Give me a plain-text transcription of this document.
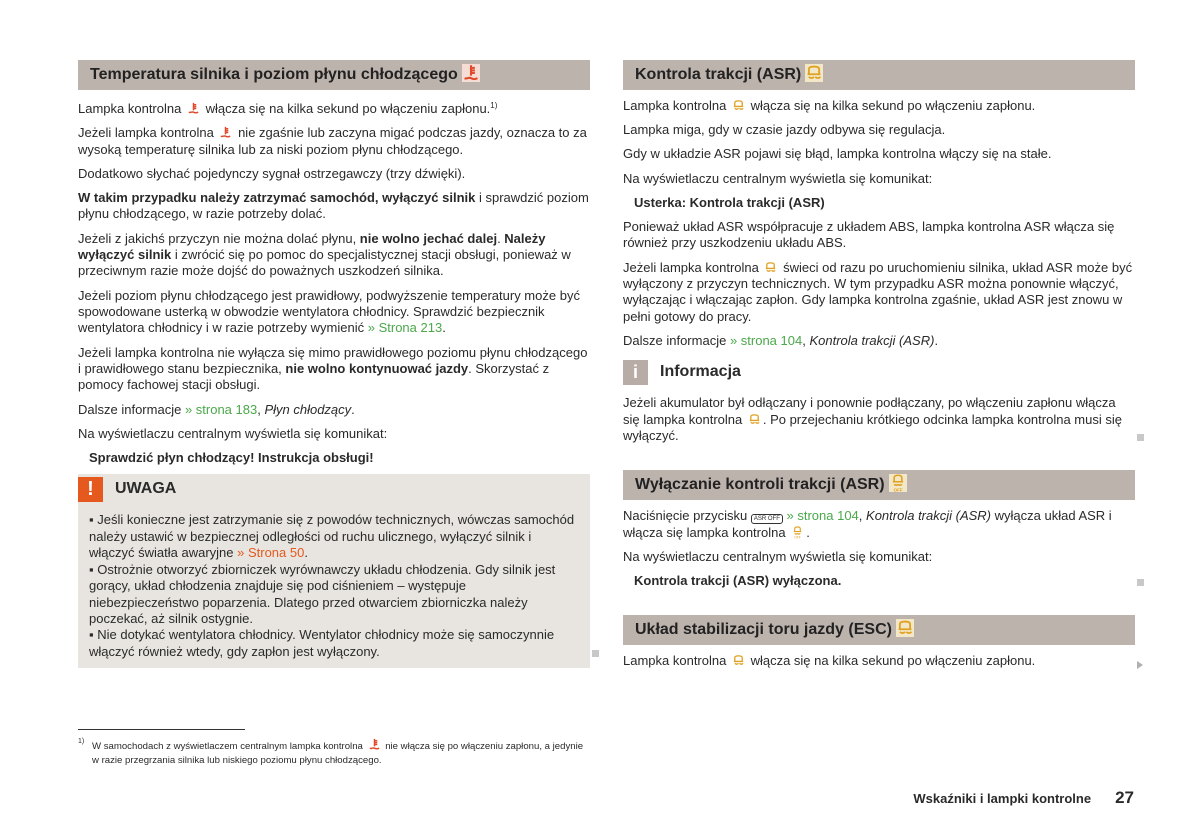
Temperatura silnika i poziom płynu chłodzącego

Lampka kontrolna
włącza się na kilka sekund po włączeniu zapłonu.$^{1)}$

Jeżeli lampka kontrolna
nie zgaśnie lub zaczyna migać podczas jazdy, oznacza to za wysoką temperaturę silnika lub za niski poziom płynu chłodzącego.

Dodatkowo słychać pojedynczy sygnał ostrzegawczy (trzy dźwięki).

W takim przypadku należy zatrzymać samochód, wyłączyć silnik i sprawdzić poziom płynu chłodzącego, w razie potrzeby dolać.

Jeżeli z jakichś przyczyn nie można dolać płynu, nie wolno jechać dalej. Należy wyłączyć silnik i zwrócić się po pomoc do specjalistycznej stacji obsługi, ponieważ w przeciwnym razie może dojść do poważnych uszkodzeń silnika.

Jeżeli poziom płynu chłodzącego jest prawidłowy, podwyższenie temperatury może być spowodowane usterką w obwodzie wentylatora chłodnicy. Sprawdzić bezpiecznik wentylatora chłodnicy i w razie potrzeby wymienić » Strona 213.

Jeżeli lampka kontrolna nie wyłącza się mimo prawidłowego poziomu płynu chłodzącego i prawidłowego stanu bezpiecznika, nie wolno kontynuować jazdy. Skorzystać z pomocy fachowej stacji obsługi.

Dalsze informacje » strona 183, Płyn chłodzący.

Na wyświetlaczu centralnym wyświetla się komunikat:

Sprawdzić płyn chłodzący! Instrukcja obsługi!

!	UWAGA

▪ Jeśli konieczne jest zatrzymanie się z powodów technicznych, wówczas samochód należy ustawić w bezpiecznej odległości od ruchu ulicznego, wyłączyć silnik i włączyć światła awaryjne » Strona 50.

▪ Ostrożnie otworzyć zbiorniczek wyrównawczy układu chłodzenia. Gdy silnik jest gorący, układ chłodzenia znajduje się pod ciśnieniem – występuje niebezpieczeństwo poparzenia. Dlatego przed otwarciem zbiorniczka należy poczekać, aż silnik ostygnie.

▪ Nie dotykać wentylatora chłodnicy. Wentylator chłodnicy może się samoczynnie włączyć również wtedy, gdy zapłon jest wyłączony.

Kontrola trakcji (ASR)

Lampka kontrolna
włącza się na kilka sekund po włączeniu zapłonu.

Lampka miga, gdy w czasie jazdy odbywa się regulacja.

Gdy w układzie ASR pojawi się błąd, lampka kontrolna włączy się na stałe.

Na wyświetlaczu centralnym wyświetla się komunikat:

Usterka: Kontrola trakcji (ASR)

Ponieważ układ ASR współpracuje z układem ABS, lampka kontrolna ASR włącza się również przy uszkodzeniu układu ABS.

Jeżeli lampka kontrolna
świeci od razu po uruchomieniu silnika, układ ASR może być wyłączony z przyczyn technicznych. W tym przypadku ASR można ponownie włączyć, wyłączając i włączając zapłon. Gdy lampka kontrolna zgaśnie, układ ASR jest znowu w pełni gotowy do pracy.

Dalsze informacje » strona 104, Kontrola trakcji (ASR).

i	Informacja

Jeżeli akumulator był odłączany i ponownie podłączany, po włączeniu zapłonu włącza się lampka kontrolna
. Po przejechaniu krótkiego odcinka lampka kontrolna musi się wyłączyć.

Wyłączanie kontroli trakcji (ASR) OFF

Naciśnięcie przycisku ASR OFF » strona 104, Kontrola trakcji (ASR) wyłącza układ ASR i włącza się lampka kontrolna OFF .

Na wyświetlaczu centralnym wyświetla się komunikat:

Kontrola trakcji (ASR) wyłączona.

Układ stabilizacji toru jazdy (ESC)

Lampka kontrolna
włącza się na kilka sekund po włączeniu zapłonu.

1) W samochodach z wyświetlaczem centralnym lampka kontrolna
nie włącza się po włączeniu zapłonu, a jedynie w razie przegrzania silnika lub niskiego poziomu płynu chłodzącego.
Wskaźniki i lampki kontrolne 27
